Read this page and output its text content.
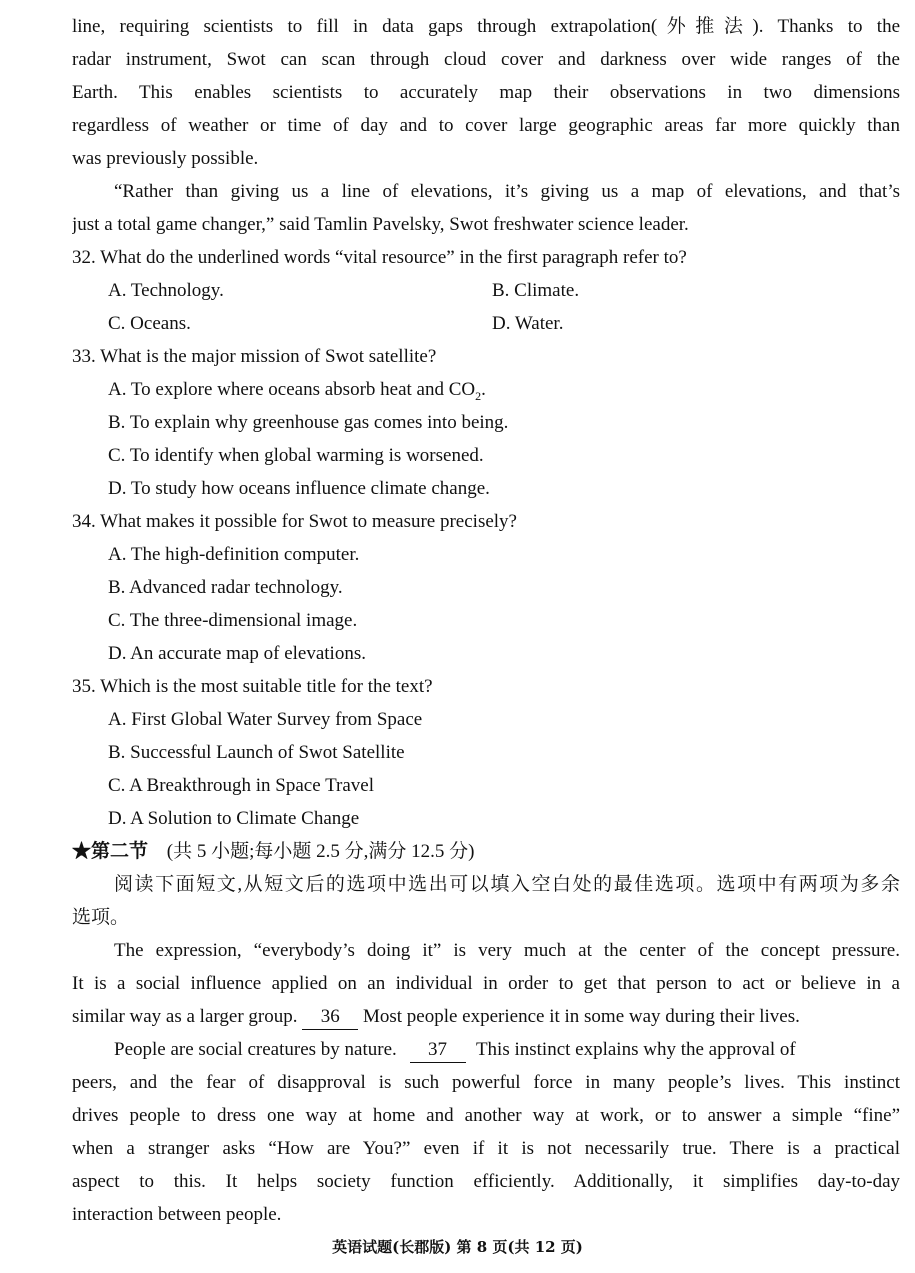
line, requiring scientists to fill in data gaps through extrapolation(外推法). Thanks to the
radar instrument, Swot can scan through cloud cover and darkness over wide ranges of the
Earth. This enables scientists to accurately map their observations in two dimensions
regardless of weather or time of day and to cover large geographic areas far more quickly than
was previously possible.
“Rather than giving us a line of elevations, it’s giving us a map of elevations, and that’s
just a total game changer,” said Tamlin Pavelsky, Swot freshwater science leader.
32. What do the underlined words “vital resource” in the first paragraph refer to?
A. Technology.	B. Climate.
C. Oceans.	D. Water.
33. What is the major mission of Swot satellite?
A. To explore where oceans absorb heat and $CO_2$.
B. To explain why greenhouse gas comes into being.
C. To identify when global warming is worsened.
D. To study how oceans influence climate change.
34. What makes it possible for Swot to measure precisely?
A. The high-definition computer.
B. Advanced radar technology.
C. The three-dimensional image.
D. An accurate map of elevations.
35. Which is the most suitable title for the text?
A. First Global Water Survey from Space
B. Successful Launch of Swot Satellite
C. A Breakthrough in Space Travel
D. A Solution to Climate Change
★第二节 (共 5 小题;每小题 2.5 分,满分 12.5 分)
阅读下面短文,从短文后的选项中选出可以填入空白处的最佳选项。选项中有两项为多余
选项。
The expression, “everybody’s doing it” is very much at the center of the concept pressure.
It is a social influence applied on an individual in order to get that person to act or believe in a
similar way as a larger group. 36 Most people experience it in some way during their lives.
People are social creatures by nature. 37 This instinct explains why the approval of
peers, and the fear of disapproval is such powerful force in many people’s lives. This instinct
drives people to dress one way at home and another way at work, or to answer a simple “fine”
when a stranger asks “How are You?” even if it is not necessarily true. There is a practical
aspect to this. It helps society function efficiently. Additionally, it simplifies day-to-day
interaction between people.
英语试题(长郡版) 第 8 页(共 12 页)
